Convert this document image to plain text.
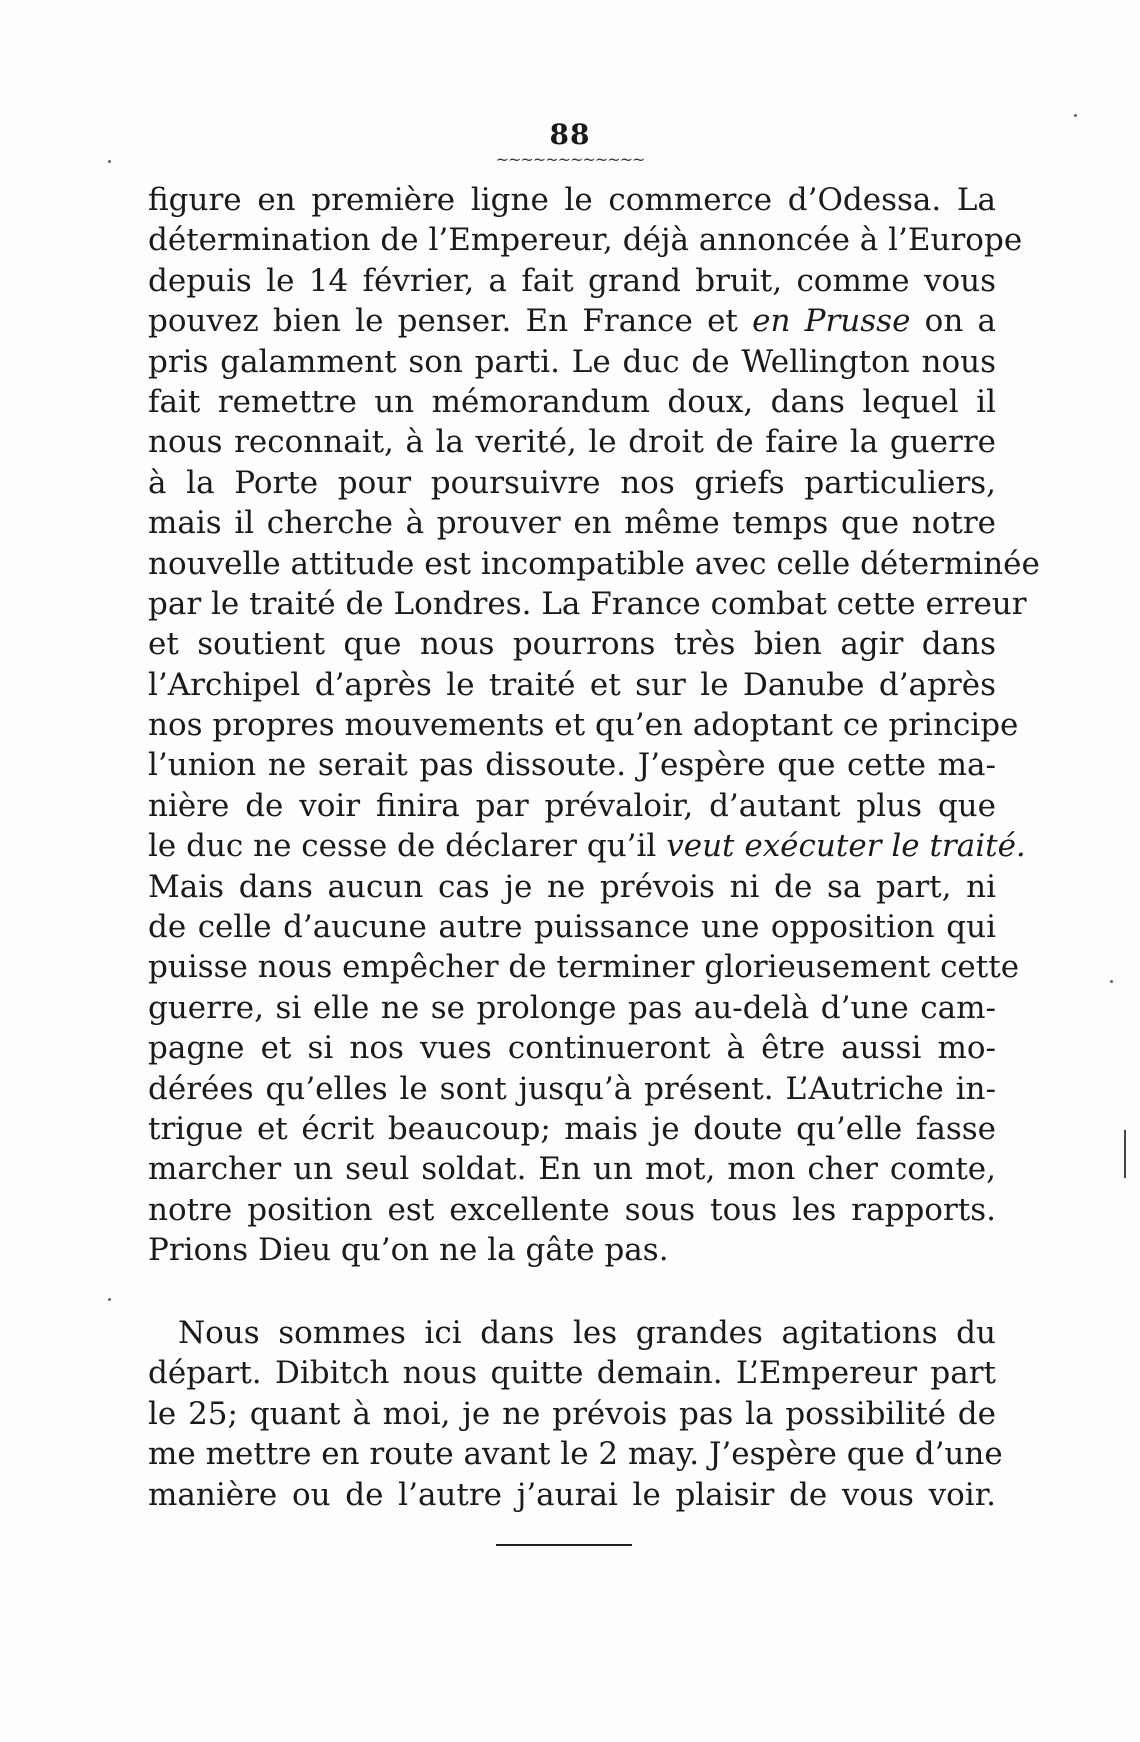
88
~~~~~~~~~~~~
figure en première ligne le commerce d’Odessa. La
détermination de l’Empereur, déjà annoncée à l’Europe
depuis le 14 février, a fait grand bruit, comme vous
pouvez bien le penser. En France et en Prusse on a
pris galamment son parti. Le duc de Wellington nous
fait remettre un mémorandum doux, dans lequel il
nous reconnait, à la verité, le droit de faire la guerre
à la Porte pour poursuivre nos griefs particuliers,
mais il cherche à prouver en même temps que notre
nouvelle attitude est incompatible avec celle déterminée
par le traité de Londres. La France combat cette erreur
et soutient que nous pourrons très bien agir dans
l’Archipel d’après le traité et sur le Danube d’après
nos propres mouvements et qu’en adoptant ce principe
l’union ne serait pas dissoute. J’espère que cette ma-
nière de voir finira par prévaloir, d’autant plus que
le duc ne cesse de déclarer qu’il veut exécuter le traité.
Mais dans aucun cas je ne prévois ni de sa part, ni
de celle d’aucune autre puissance une opposition qui
puisse nous empêcher de terminer glorieusement cette
guerre, si elle ne se prolonge pas au-delà d’une cam-
pagne et si nos vues continueront à être aussi mo-
dérées qu’elles le sont jusqu’à présent. L’Autriche in-
trigue et écrit beaucoup; mais je doute qu’elle fasse
marcher un seul soldat. En un mot, mon cher comte,
notre position est excellente sous tous les rapports.
Prions Dieu qu’on ne la gâte pas.
Nous sommes ici dans les grandes agitations du
départ. Dibitch nous quitte demain. L’Empereur part
le 25; quant à moi, je ne prévois pas la possibilité de
me mettre en route avant le 2 may. J’espère que d’une
manière ou de l’autre j’aurai le plaisir de vous voir.
